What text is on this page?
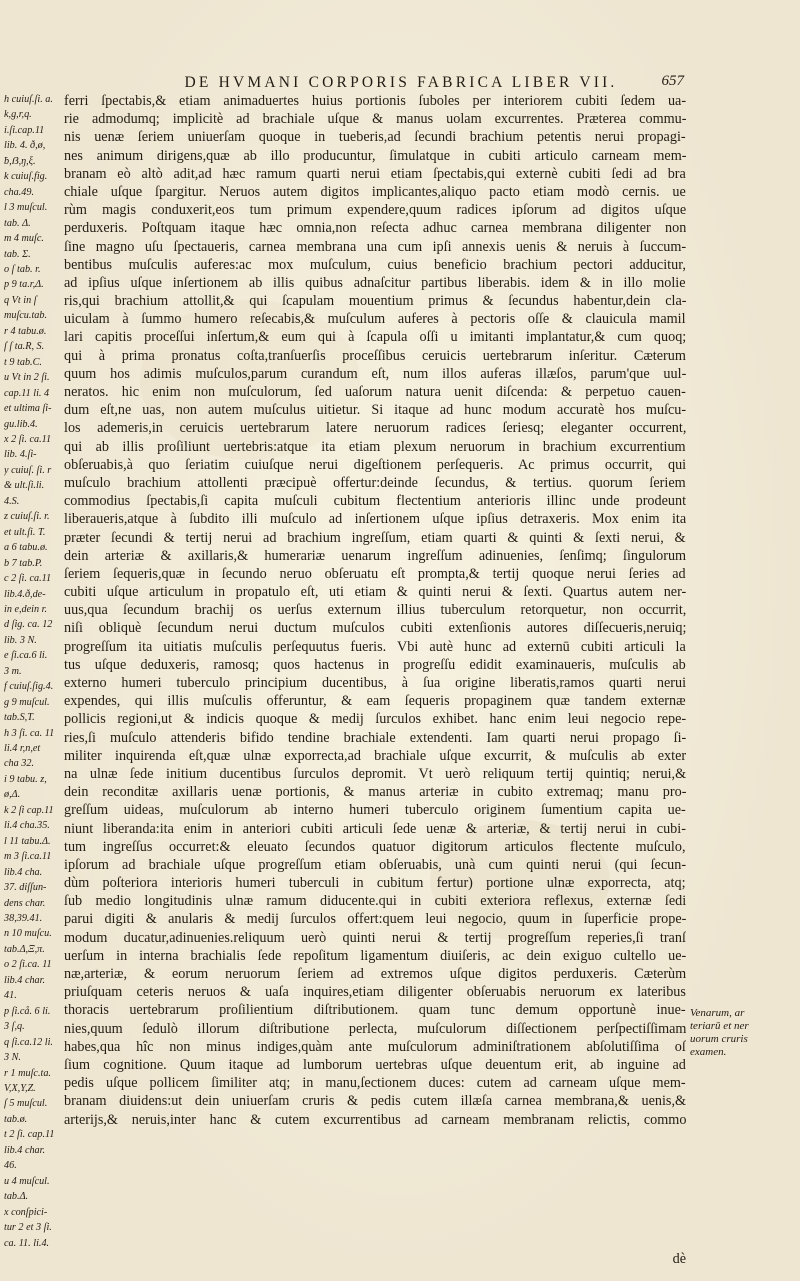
DE HVMANI CORPORIS FABRICA LIBER VII.	657
h cuiuſ.ſi. a.
k,g,r,q.
i.ſi.cap.11
lib. 4. ð,ø,
ƀ,ẞ,ŋ,ξ.
k cuiuſ.fig.
cha.49.
l 3 muſcul.
tab. Δ.
m 4 muſc.
tab. Σ.
o ſ tab. r.
p 9 ta.r,Δ.
q Vt in ſ
muſcu.tab.
r 4 tabu.ø.
ſ ſ ta.R, S.
t 9 tab.C.
u Vt in 2 ſi.
cap.11 li. 4
et ultima ſi-
gu.lib.4.
x 2 ſi. ca.11
lib. 4.ſi-
y cuiuſ. ſi. r
& ult.ſi.li.
4.S.
z cuiuſ.ſi. r.
et ult.ſi. T.
a 6 tabu.ø.
b 7 tab.P.
c 2 ſi. ca.11
lib.4.ð,de-
in e,dein r.
d ſig. ca. 12
lib. 3 N.
e ſi.ca.6 li.
3 m.
f cuiuſ.ſig.4.
g 9 muſcul.
tab.S,T.
h 3 ſi. ca. 11
li.4 r,n,et
cha 32.
i 9 tabu. z,
ø,Δ.
k 2 ſi cap.11
li.4 cha.35.
l 11 tabu.Δ.
m 3 ſi.ca.11
lib.4 cha.
37. diſſun-
dens char.
38,39.41.
n 10 muſcu.
tab.Δ,Ξ,π.
o 2 ſi.ca. 11
lib.4 char.
41.
p ſi.cå. 6 li.
3 ſ,q.
q ſi.ca.12 li.
3 N.
r 1 muſc.ta.
V,X,Y,Z.
ſ 5 muſcul.
tab.ø.
t 2 ſi. cap.11
lib.4 char.
46.
u 4 muſcul.
tab.Δ.
x conſpici-
tur 2 et 3 ſi.
ca. 11. li.4.
ferri ſpectabis,& etiam animaduertes huius portionis ſuboles per interiorem cubiti ſedem ua-
rie admodumq; implicitè ad brachiale uſque & manus uolam excurrentes. Præterea commu-
nis uenæ ſeriem uniuerſam quoque in tueberis,ad ſecundi brachium petentis nerui propagi-
nes animum dirigens,quæ ab illo producuntur, ſimulatque in cubiti articulo carneam mem-
branam eò altò adit,ad hæc ramum quarti nerui etiam ſpectabis,qui externè cubiti ſedi ad bra
chiale uſque ſpargitur. Neruos autem digitos implicantes,aliquo pacto etiam modò cernis. ue
rùm magis conduxerit,eos tum primum expendere,quum radices ipſorum ad digitos uſque
perduxeris. Poſtquam itaque hæc omnia,non reſecta adhuc carnea membrana diligenter non
ſine magno uſu ſpectaueris, carnea membrana una cum ipſi annexis uenis & neruis à ſuccum-
bentibus muſculis auferes:ac mox muſculum, cuius beneficio brachium pectori adducitur,
ad ipſius uſque inſertionem ab illis quibus adnaſcitur partibus liberabis. idem & in illo molie
ris,qui brachium attollit,& qui ſcapulam mouentium primus & ſecundus habentur,dein cla-
uiculam à ſummo humero reſecabis,& muſculum auferes à pectoris oſſe & clauicula mamil
lari capitis proceſſui inſertum,& eum qui à ſcapula oſſi u imitanti implantatur,& cum quoq;
qui à prima pronatus coſta,tranſuerſis proceſſibus ceruicis uertebrarum inſeritur. Cæterum
quum hos adimis muſculos,parum curandum eſt, num illos auferas illæſos, parum'que uul-
neratos. hic enim non muſculorum, ſed uaſorum natura uenit diſcenda: & perpetuo cauen-
dum eſt,ne uas, non autem muſculus uitietur. Si itaque ad hunc modum accuratè hos muſcu-
los ademeris,in ceruicis uertebrarum latere neruorum radices ſeriesq; eleganter occurrent,
qui ab illis proſiliunt uertebris:atque ita etiam plexum neruorum in brachium excurrentium
obſeruabis,à quo ſeriatim cuiuſque nerui digeſtionem perſequeris. Ac primus occurrit, qui
muſculo brachium attollenti præcipuè offertur:deinde ſecundus, & tertius. quorum ſeriem
commodius ſpectabis,ſi capita muſculi cubitum flectentium anterioris illinc unde prodeunt
liberaueris,atque à ſubdito illi muſculo ad inſertionem uſque ipſius detraxeris. Mox enim ita
præter ſecundi & tertij nerui ad brachium ingreſſum, etiam quarti & quinti & ſexti nerui, &
dein arteriæ & axillaris,& humerariæ uenarum ingreſſum adinuenies, ſenſimq; ſingulorum
ſeriem ſequeris,quæ in ſecundo neruo obſeruatu eſt prompta,& tertij quoque nerui ſeries ad
cubiti uſque articulum in propatulo eſt, uti etiam & quinti nerui & ſexti. Quartus autem ner-
uus,qua ſecundum brachij os uerſus externum illius tuberculum retorquetur, non occurrit,
niſi obliquè ſecundum nerui ductum muſculos cubiti extenſionis autores diſſecueris,neruiq;
progreſſum ita uitiatis muſculis perſequutus fueris. Vbi autè hunc ad externū cubiti articuli la
tus uſque deduxeris, ramosq; quos hactenus in progreſſu edidit examinaueris, muſculis ab
externo humeri tuberculo principium ducentibus, à ſua origine liberatis,ramos quarti nerui
expendes, qui illis muſculis offeruntur, & eam ſequeris propaginem quæ tandem externæ
pollicis regioni,ut & indicis quoque & medij ſurculos exhibet. hanc enim leui negocio repe-
ries,ſi muſculo attenderis bifido tendine brachiale extendenti. Iam quarti nerui propago ſi-
militer inquirenda eſt,quæ ulnæ exporrecta,ad brachiale uſque excurrit, & muſculis ab exter
na ulnæ ſede initium ducentibus ſurculos depromit. Vt uerò reliquum tertij quintiq; nerui,&
dein reconditæ axillaris uenæ portionis, & manus arteriæ in cubito extremaq; manu pro-
greſſum uideas, muſculorum ab interno humeri tuberculo originem ſumentium capita ue-
niunt liberanda:ita enim in anteriori cubiti articuli ſede uenæ & arteriæ, & tertij nerui in cubi-
tum ingreſſus occurret:& eleuato ſecundos quatuor digitorum articulos flectente muſculo,
ipſorum ad brachiale uſque progreſſum etiam obſeruabis, unà cum quinti nerui (qui ſecun-
dùm poſteriora interioris humeri tuberculi in cubitum fertur) portione ulnæ exporrecta, atq;
ſub medio longitudinis ulnæ ramum diducente.qui in cubiti exteriora reflexus, externæ ſedi
parui digiti & anularis & medij ſurculos offert:quem leui negocio, quum in ſuperficie prope-
modum ducatur,adinuenies.reliquum uerò quinti nerui & tertij progreſſum reperies,ſi tranſ
uerſum in interna brachialis ſede repoſitum ligamentum diuiſeris, ac dein exiguo cultello ue-
næ,arteriæ, & eorum neruorum ſeriem ad extremos uſque digitos perduxeris. Cæterùm
priuſquam ceteris neruos & uaſa inquires,etiam diligenter obſeruabis neruorum ex lateribus
thoracis uertebrarum proſilientium diſtributionem. quam tunc demum opportunè inue-
nies,quum ſedulò illorum diſtributione perlecta, muſculorum diſſectionem perſpectiſſimam
habes,qua hîc non minus indiges,quàm ante muſculorum adminiſtrationem abſolutiſſima oſ
ſium cognitione. Quum itaque ad lumborum uertebras uſque deuentum erit, ab inguine ad
pedis uſque pollicem ſimiliter atq; in manu,ſectionem duces: cutem ad carneam uſque mem-
branam diuidens:ut dein uniuerſam cruris & pedis cutem illæſa carnea membrana,& uenis,&
arterijs,& neruis,inter hanc & cutem excurrentibus ad carneam membranam relictis, commo
Venarum, ar
teriarū et ner
uorum cruris
examen.
dè
